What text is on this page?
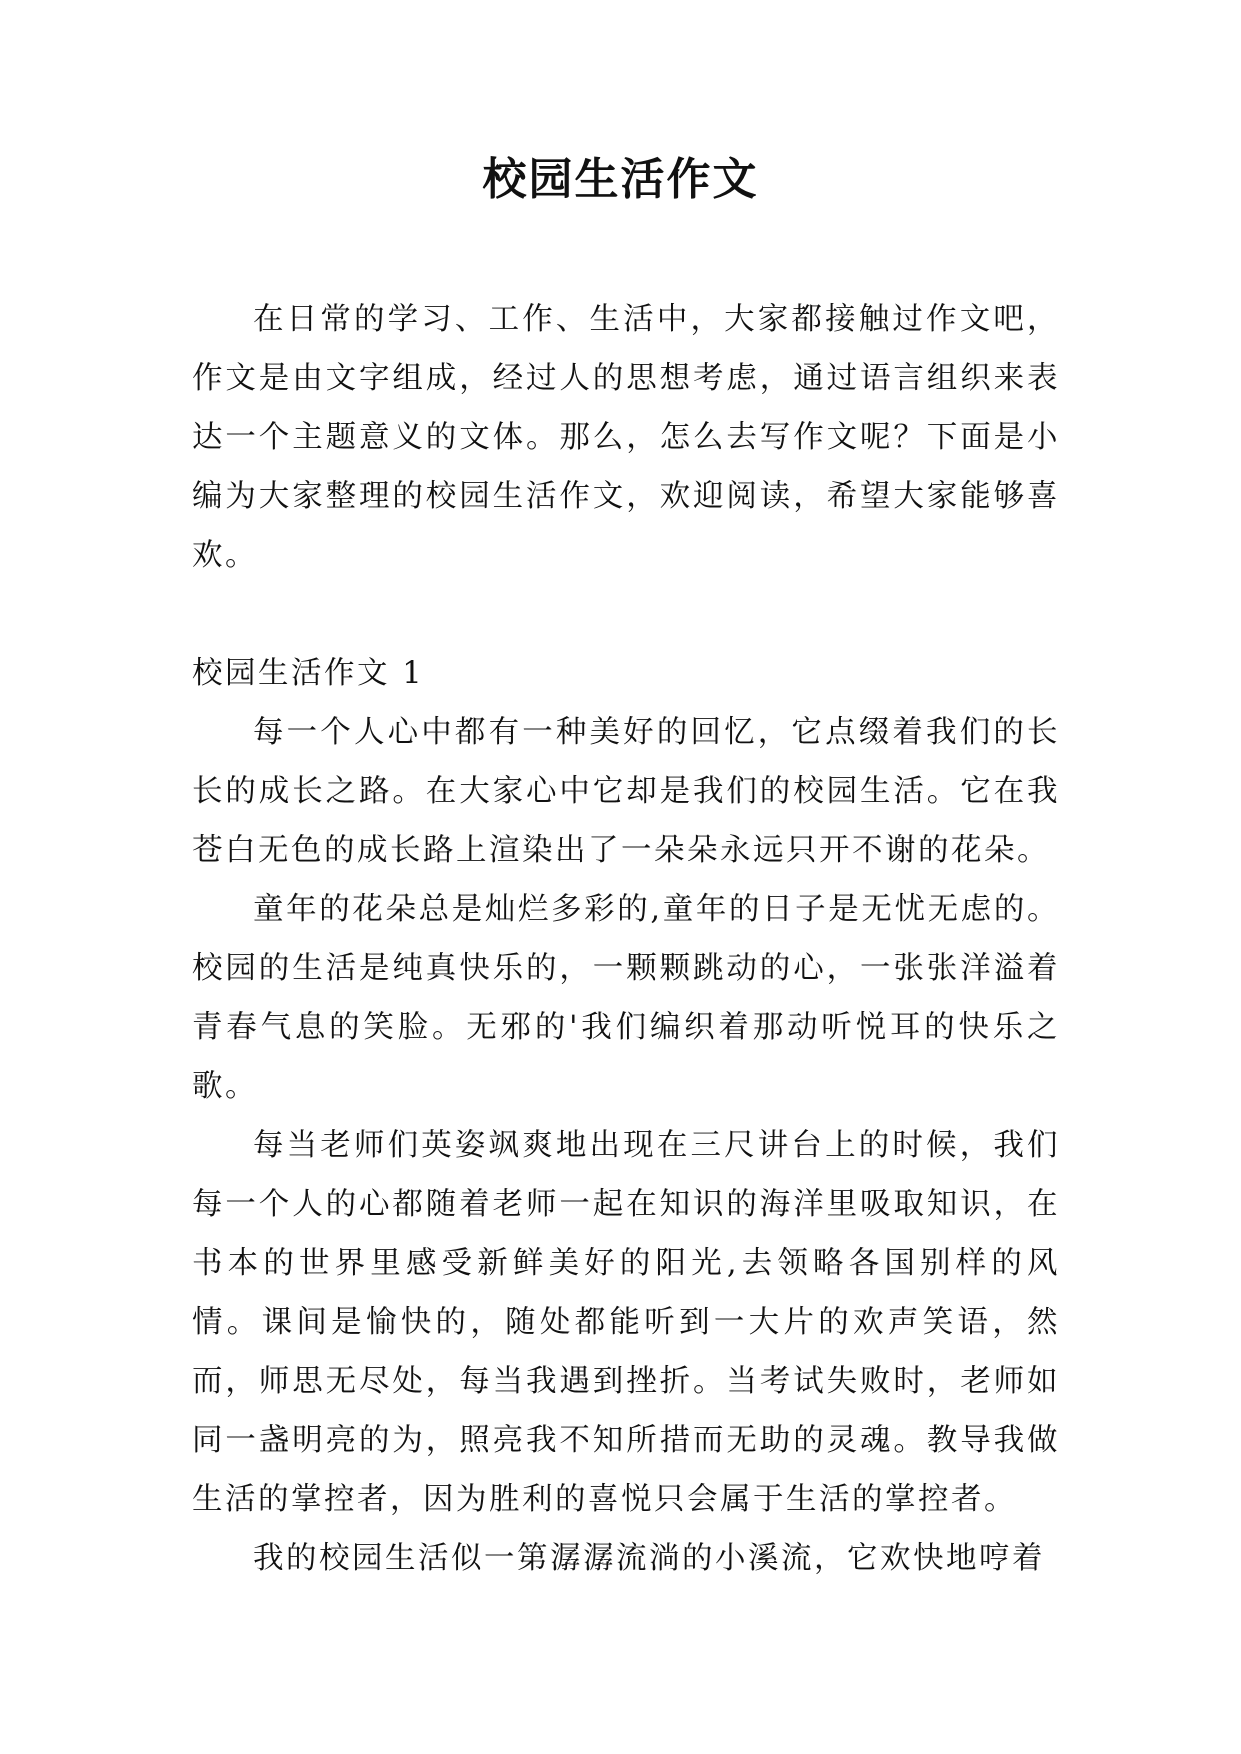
校园生活作文

在日常的学习、工作、生活中，大家都接触过作文吧，作文是由文字组成，经过人的思想考虑，通过语言组织来表达一个主题意义的文体。那么，怎么去写作文呢？下面是小编为大家整理的校园生活作文，欢迎阅读，希望大家能够喜欢。

校园生活作文 1

每一个人心中都有一种美好的回忆，它点缀着我们的长长的成长之路。在大家心中它却是我们的校园生活。它在我苍白无色的成长路上渲染出了一朵朵永远只开不谢的花朵。

童年的花朵总是灿烂多彩的,童年的日子是无忧无虑的。校园的生活是纯真快乐的，一颗颗跳动的心，一张张洋溢着青春气息的笑脸。无邪的'我们编织着那动听悦耳的快乐之歌。

每当老师们英姿飒爽地出现在三尺讲台上的时候，我们每一个人的心都随着老师一起在知识的海洋里吸取知识，在书本的世界里感受新鲜美好的阳光,去领略各国别样的风情。课间是愉快的，随处都能听到一大片的欢声笑语，然而，师思无尽处，每当我遇到挫折。当考试失败时，老师如同一盏明亮的为，照亮我不知所措而无助的灵魂。教导我做生活的掌控者，因为胜利的喜悦只会属于生活的掌控者。

我的校园生活似一第潺潺流淌的小溪流，它欢快地哼着
